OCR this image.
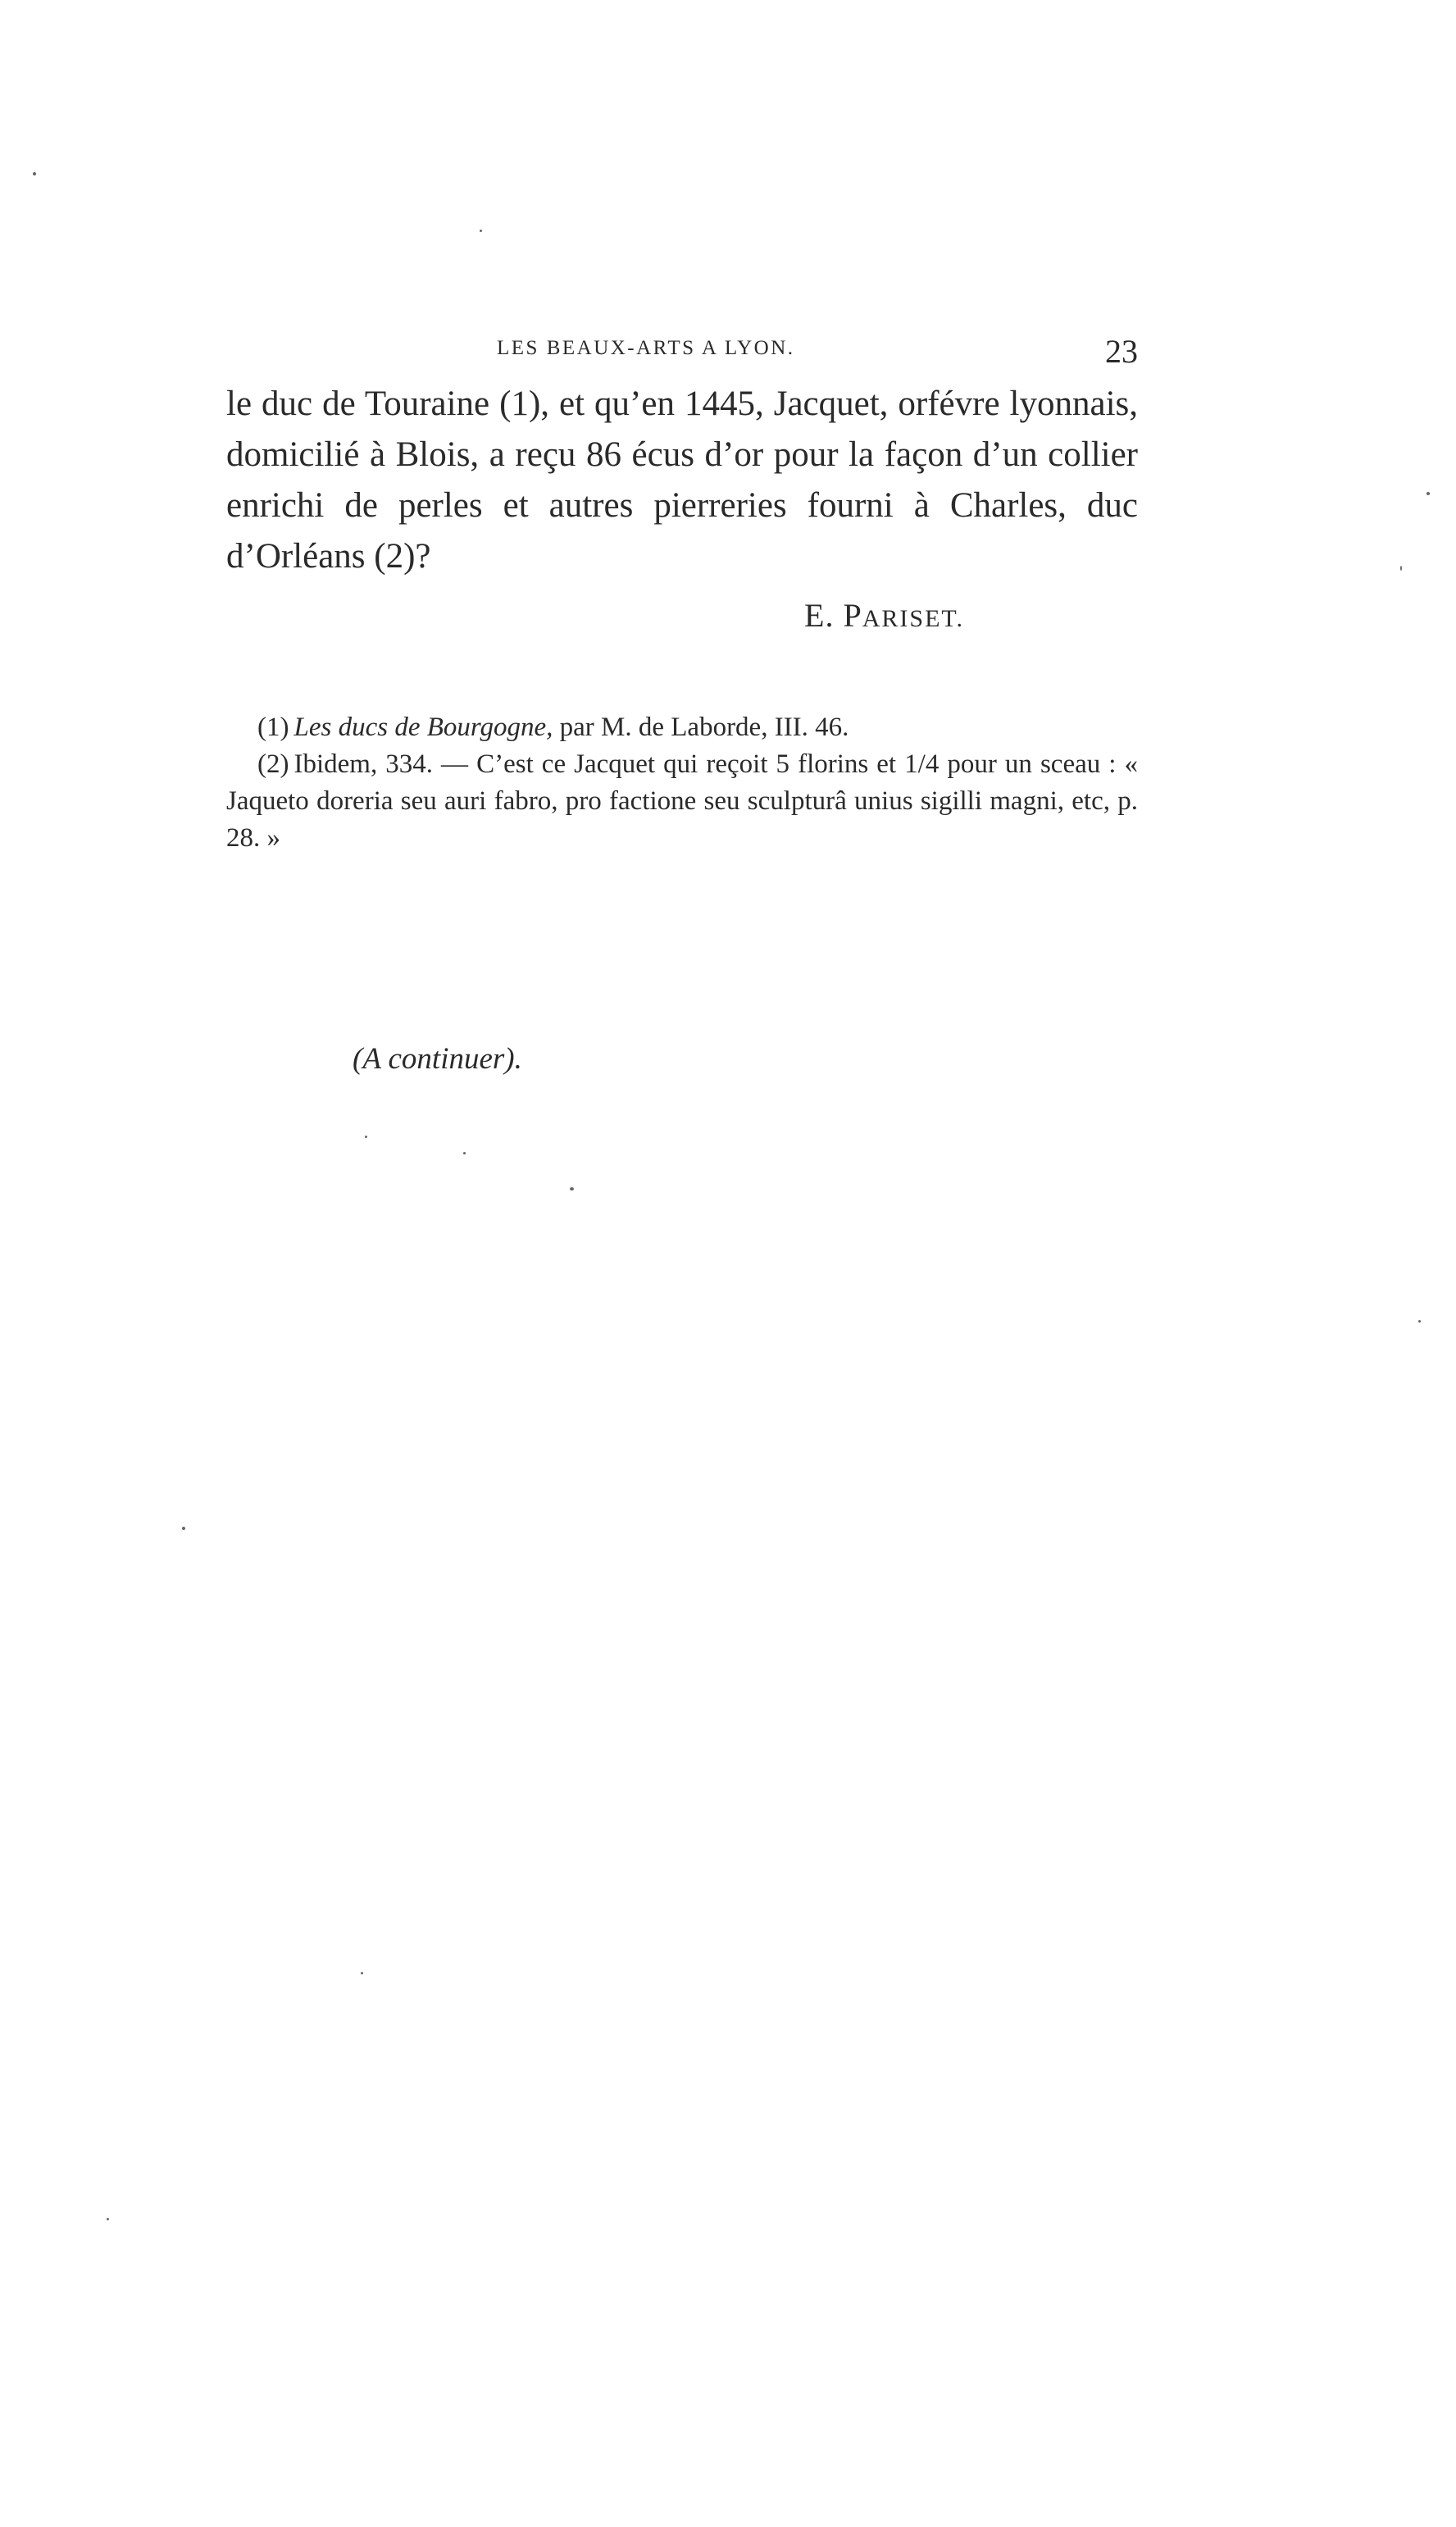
LES BEAUX-ARTS A LYON.	23

le duc de Touraine (1), et qu’en 1445, Jacquet, orfévre lyonnais, domicilié à Blois, a reçu 86 écus d’or pour la façon d’un collier enrichi de perles et autres pierreries fourni à Charles, duc d’Orléans (2)?

E. PARISET.

(1) Les ducs de Bourgogne, par M. de Laborde, III. 46.

(2) Ibidem, 334. — C’est ce Jacquet qui reçoit 5 florins et 1/4 pour un sceau : « Jaqueto doreria seu auri fabro, pro factione seu sculpturâ unius sigilli magni, etc, p. 28. »

(A continuer).
